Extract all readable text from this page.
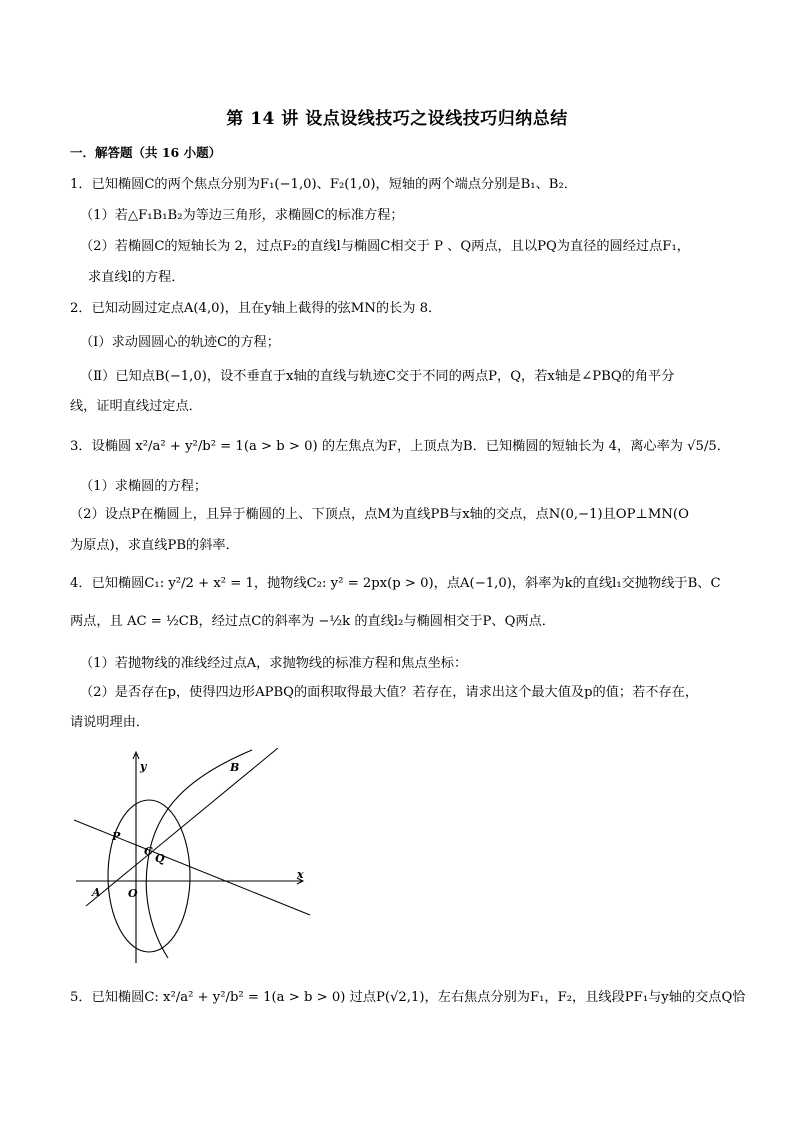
第 14 讲 设点设线技巧之设线技巧归纳总结
一．解答题（共 16 小题）
1．已知椭圆C的两个焦点分别为F₁(−1,0)、F₂(1,0)，短轴的两个端点分别是B₁、B₂．
（1）若△F₁B₁B₂为等边三角形，求椭圆C的标准方程；
（2）若椭圆C的短轴长为 2，过点F₂的直线l与椭圆C相交于 P 、Q两点，且以PQ为直径的圆经过点F₁，
求直线l的方程．
2．已知动圆过定点A(4,0)，且在y轴上截得的弦MN的长为 8．
（Ⅰ）求动圆圆心的轨迹C的方程；
（Ⅱ）已知点B(−1,0)，设不垂直于x轴的直线与轨迹C交于不同的两点P，Q，若x轴是∠PBQ的角平分
线，证明直线过定点．
3．设椭圆 x²/a² + y²/b² = 1(a > b > 0) 的左焦点为F，上顶点为B．已知椭圆的短轴长为 4，离心率为 √5/5．
（1）求椭圆的方程；
（2）设点P在椭圆上，且异于椭圆的上、下顶点，点M为直线PB与x轴的交点，点N(0,−1)且OP⊥MN(O
为原点)，求直线PB的斜率．
4．已知椭圆C₁: y²/2 + x² = 1，抛物线C₂: y² = 2px(p > 0)，点A(−1,0)，斜率为k的直线l₁交抛物线于B、C
两点，且 AC = ½CB，经过点C的斜率为 −½k 的直线l₂与椭圆相交于P、Q两点．
（1）若抛物线的准线经过点A，求抛物线的标准方程和焦点坐标：
（2）是否存在p，使得四边形APBQ的面积取得最大值？若存在，请求出这个最大值及p的值；若不存在，
请说明理由．
y	B
P
C
Q
A O
x
5．已知椭圆C: x²/a² + y²/b² = 1(a > b > 0) 过点P(√2,1)，左右焦点分别为F₁，F₂，且线段PF₁与y轴的交点Q恰
